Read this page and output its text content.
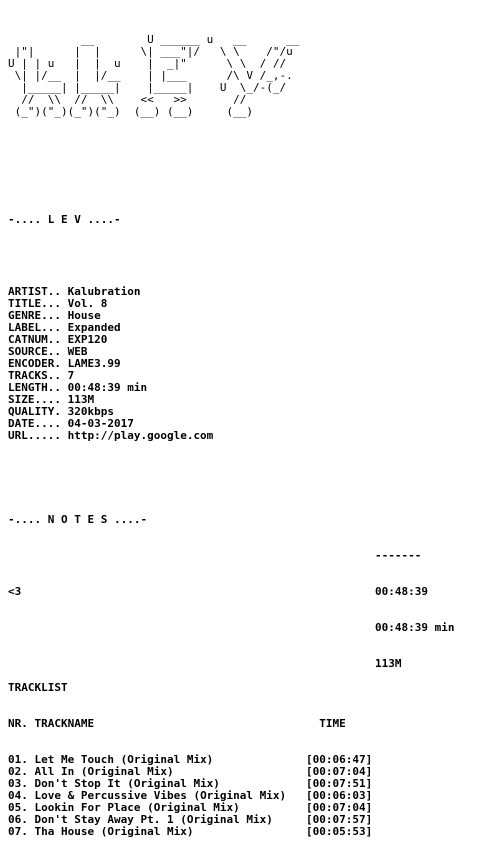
__        U ______ u   __      __
|"|      |  |      \| ___"|/   \ \    /"/u
U | | u   |  |  u    |  _|"      \ \  / //
\| |/__  |  |/__    | |___      /\ V /_,-.
|_____| |_____|    |_____|    U  \_/-(_/
//  \\  //  \\    <<   >>       //
(_")("_)(_")("_)  (__) (__)     (__)

-.... L E V ....-

ARTIST.. Kalubration
TITLE... Vol. 8
GENRE... House
LABEL... Expanded
CATNUM.. EXP120
SOURCE.. WEB
ENCODER. LAME3.99
TRACKS.. 7
LENGTH.. 00:48:39 min
SIZE.... 113M
QUALITY. 320kbps
DATE.... 04-03-2017
URL..... http://play.google.com

-.... N O T E S ....-

<3

TRACKLIST

NR. TRACKNAME                                  TIME

01. Let Me Touch (Original Mix)              [00:06:47]
02. All In (Original Mix)                    [00:07:04]
03. Don't Stop It (Original Mix)             [00:07:51]
04. Love & Percussive Vibes (Original Mix)   [00:06:03]
05. Lookin For Place (Original Mix)          [00:07:04]
06. Don't Stay Away Pt. 1 (Original Mix)     [00:07:57]
07. Tha House (Original Mix)                 [00:05:53]

-------

00:48:39

00:48:39 min

113M
